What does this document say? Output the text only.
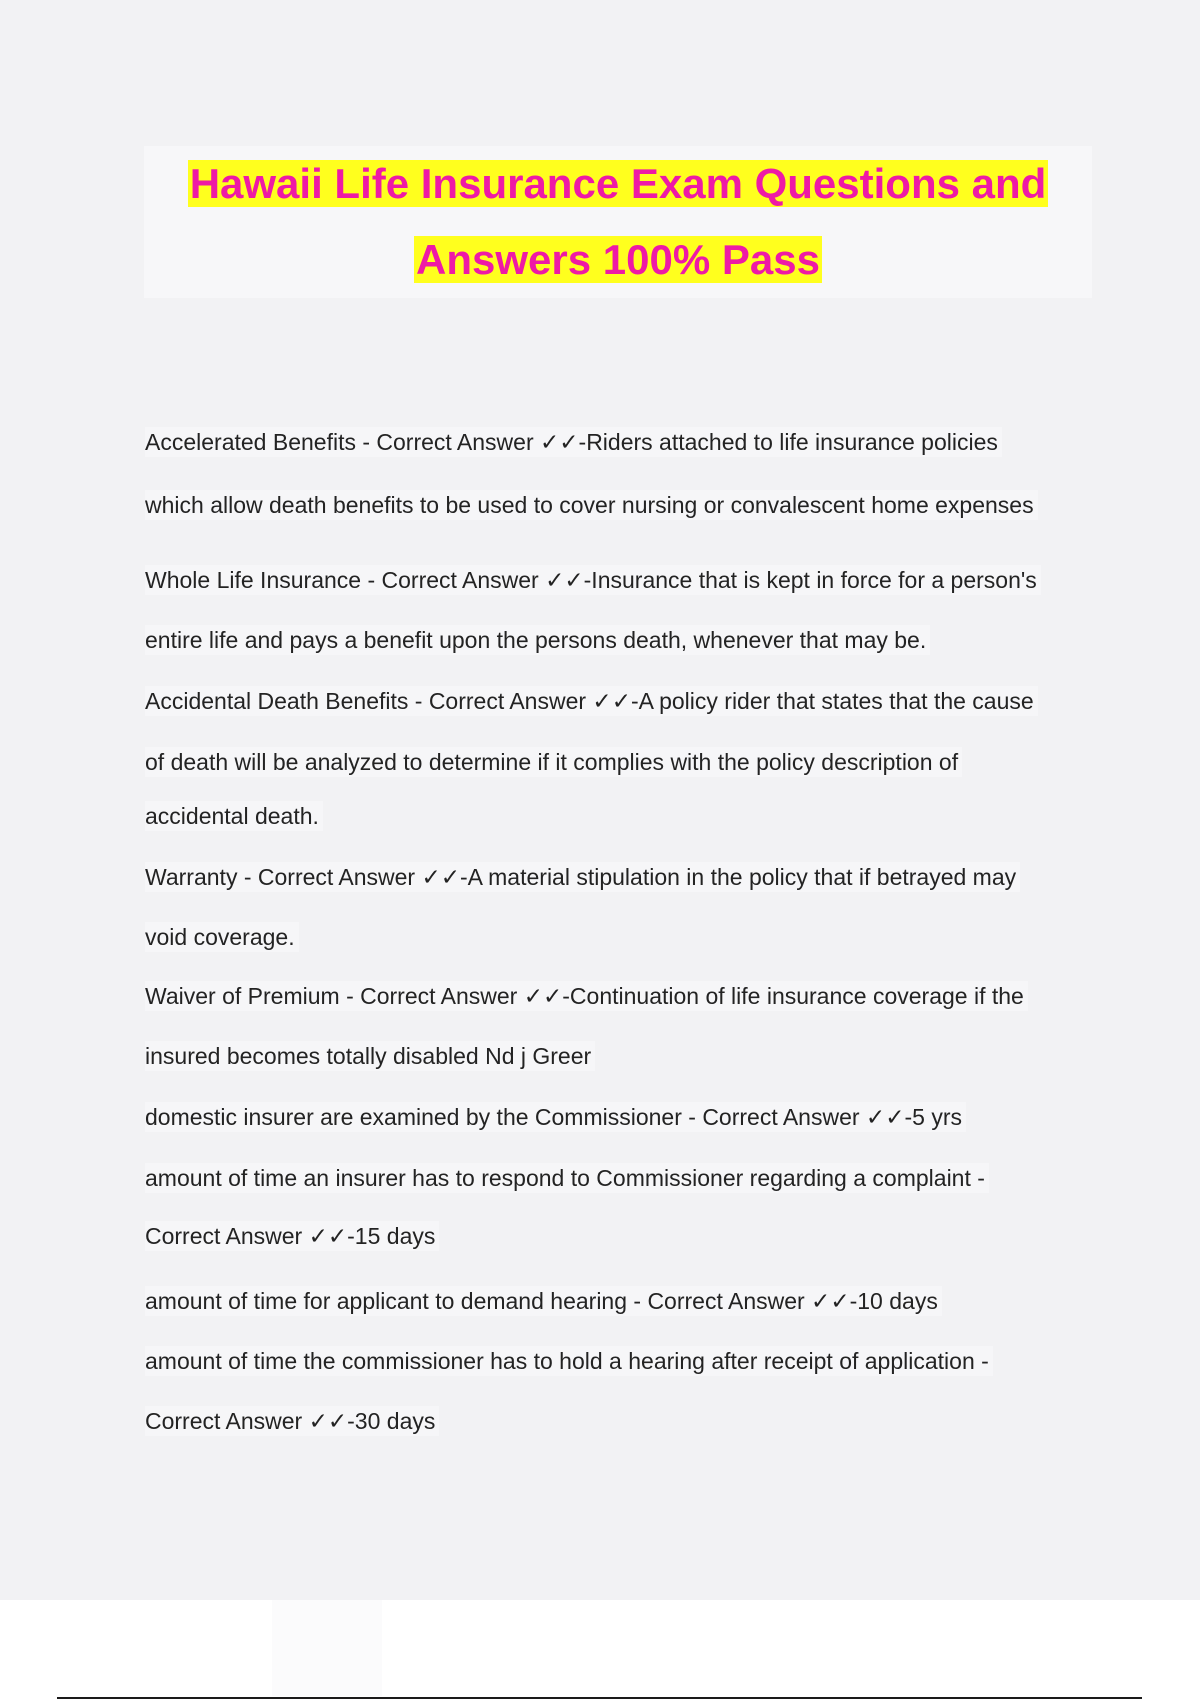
Hawaii Life Insurance Exam Questions and
Answers 100% Pass
Accelerated Benefits - Correct Answer ✓✓-Riders attached to life insurance policies
which allow death benefits to be used to cover nursing or convalescent home expenses
Whole Life Insurance - Correct Answer ✓✓-Insurance that is kept in force for a person's
entire life and pays a benefit upon the persons death, whenever that may be.
Accidental Death Benefits - Correct Answer ✓✓-A policy rider that states that the cause
of death will be analyzed to determine if it complies with the policy description of
accidental death.
Warranty - Correct Answer ✓✓-A material stipulation in the policy that if betrayed may
void coverage.
Waiver of Premium - Correct Answer ✓✓-Continuation of life insurance coverage if the
insured becomes totally disabled Nd j Greer
domestic insurer are examined by the Commissioner - Correct Answer ✓✓-5 yrs
amount of time an insurer has to respond to Commissioner regarding a complaint -
Correct Answer ✓✓-15 days
amount of time for applicant to demand hearing - Correct Answer ✓✓-10 days
amount of time the commissioner has to hold a hearing after receipt of application -
Correct Answer ✓✓-30 days
